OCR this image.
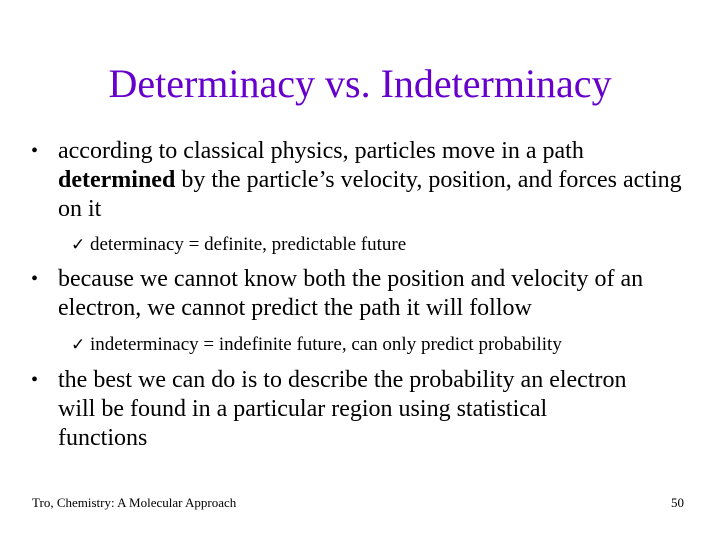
Determinacy vs. Indeterminacy
• according to classical physics, particles move in a path determined by the particle’s velocity, position, and forces acting on it
✓ determinacy = definite, predictable future
• because we cannot know both the position and velocity of an electron, we cannot predict the path it will follow
✓ indeterminacy = indefinite future, can only predict probability
• the best we can do is to describe the probability an electron will be found in a particular region using statistical functions
Tro, Chemistry: A Molecular Approach	50
